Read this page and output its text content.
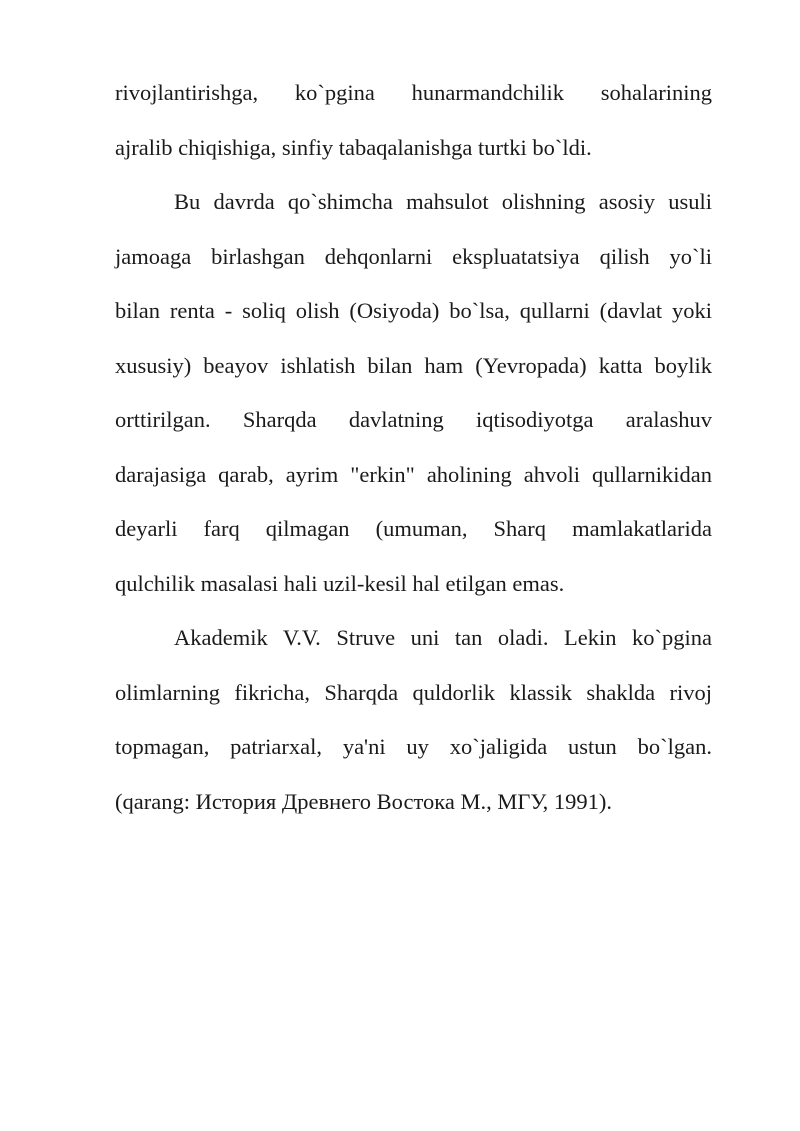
rivojlantirishga, ko`pgina hunarmandchilik sohalarining
ajralib chiqishiga, sinfiy tabaqalanishga turtki bo`ldi.

Bu davrda qo`shimcha mahsulot olishning asosiy usuli
jamoaga birlashgan dehqonlarni ekspluatatsiya qilish yo`li
bilan renta - soliq olish (Osiyoda) bo`lsa, qullarni (davlat yoki
xususiy) beayov ishlatish bilan ham (Yevropada) katta boylik
orttirilgan. Sharqda davlatning iqtisodiyotga aralashuv
darajasiga qarab, ayrim "erkin" aholining ahvoli qullarnikidan
deyarli farq qilmagan (umuman, Sharq mamlakatlarida
qulchilik masalasi hali uzil-kesil hal etilgan emas.

Akademik V.V. Struve uni tan oladi. Lekin ko`pgina
olimlarning fikricha, Sharqda quldorlik klassik shaklda rivoj
topmagan, patriarxal, ya'ni uy xo`jaligida ustun bo`lgan.
(qarang: История Древнего Востока М., МГУ, 1991).
